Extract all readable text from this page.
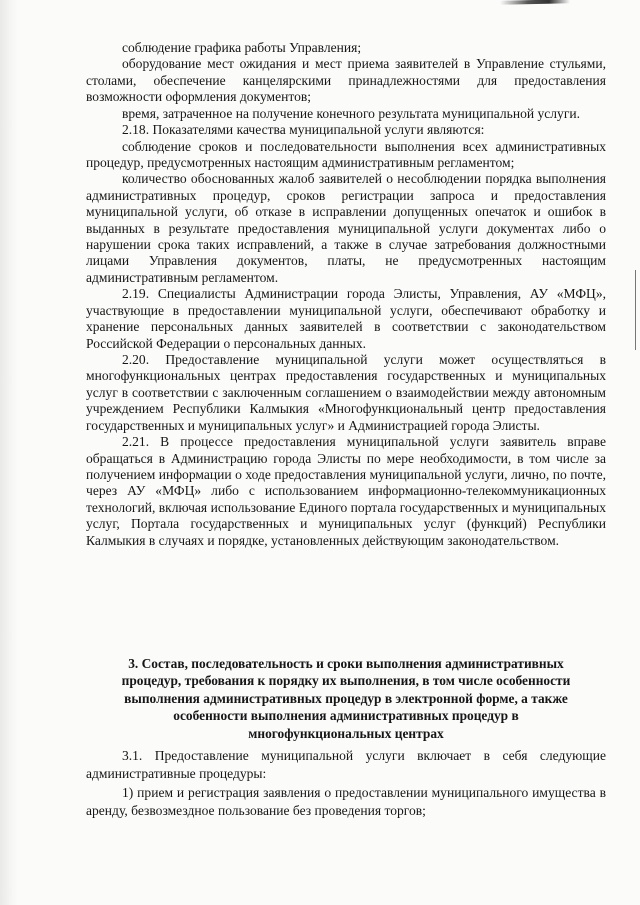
соблюдение графика работы Управления;

оборудование мест ожидания и мест приема заявителей в Управление стульями, столами, обеспечение канцелярскими принадлежностями для предоставления возможности оформления документов;

время, затраченное на получение конечного результата муниципальной услуги.

2.18. Показателями качества муниципальной услуги являются:

соблюдение сроков и последовательности выполнения всех административных процедур, предусмотренных настоящим административным регламентом;

количество обоснованных жалоб заявителей о несоблюдении порядка выполнения административных процедур, сроков регистрации запроса и предоставления муниципальной услуги, об отказе в исправлении допущенных опечаток и ошибок в выданных в результате предоставления муниципальной услуги документах либо о нарушении срока таких исправлений, а также в случае затребования должностными лицами Управления документов, платы, не предусмотренных настоящим административным регламентом.

2.19. Специалисты Администрации города Элисты, Управления, АУ «МФЦ», участвующие в предоставлении муниципальной услуги, обеспечивают обработку и хранение персональных данных заявителей в соответствии с законодательством Российской Федерации о персональных данных.

2.20. Предоставление муниципальной услуги может осуществляться в многофункциональных центрах предоставления государственных и муниципальных услуг в соответствии с заключенным соглашением о взаимодействии между автономным учреждением Республики Калмыкия «Многофункциональный центр предоставления государственных и муниципальных услуг» и Администрацией города Элисты.

2.21. В процессе предоставления муниципальной услуги заявитель вправе обращаться в Администрацию города Элисты по мере необходимости, в том числе за получением информации о ходе предоставления муниципальной услуги, лично, по почте, через АУ «МФЦ» либо с использованием информационно-телекоммуникационных технологий, включая использование Единого портала государственных и муниципальных услуг, Портала государственных и муниципальных услуг (функций) Республики Калмыкия в случаях и порядке, установленных действующим законодательством.

3. Состав, последовательность и сроки выполнения административных
процедур, требования к порядку их выполнения, в том числе особенности
выполнения административных процедур в электронной форме, а также
особенности выполнения административных процедур в
многофункциональных центрах

3.1. Предоставление муниципальной услуги включает в себя следующие административные процедуры:

1) прием и регистрация заявления о предоставлении муниципального имущества в аренду, безвозмездное пользование без проведения торгов;
